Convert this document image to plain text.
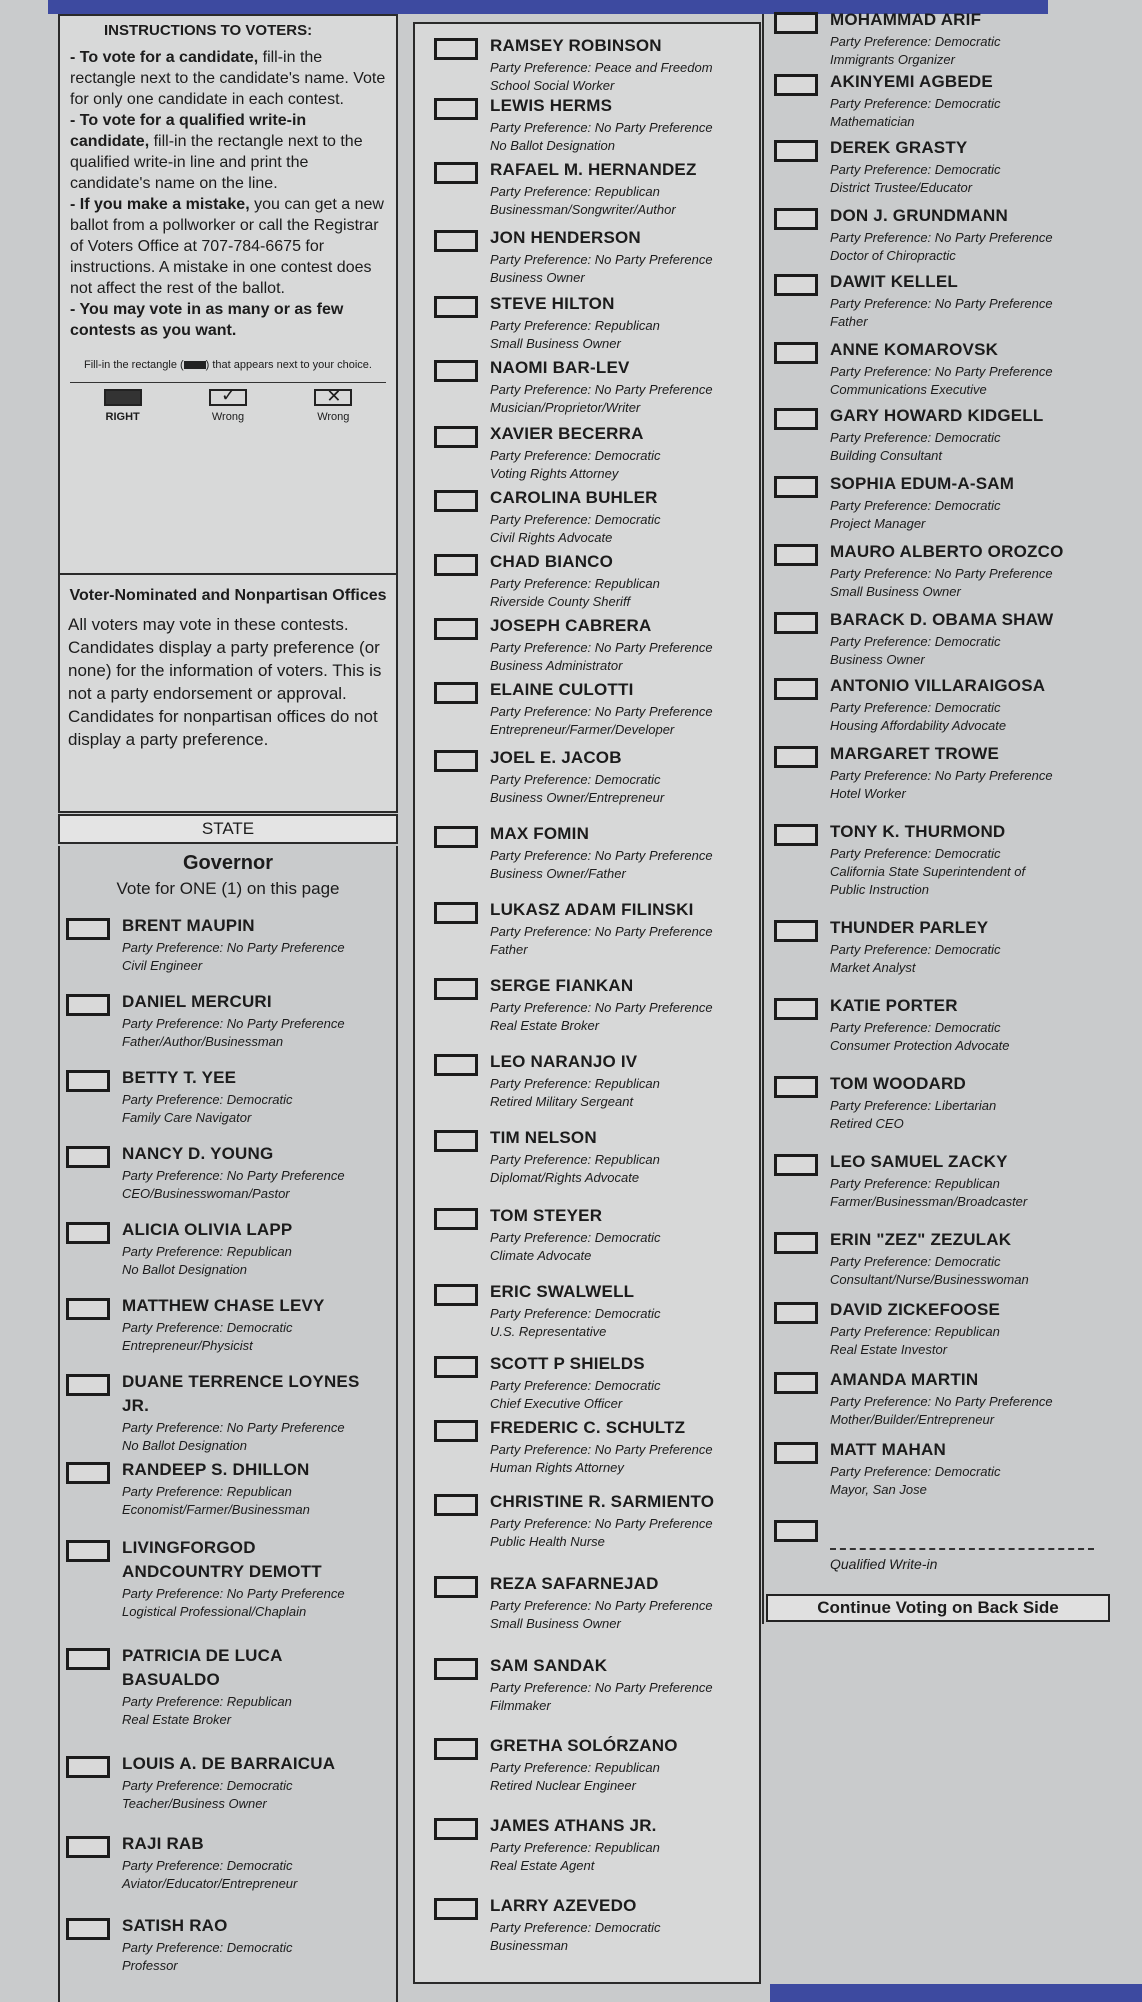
INSTRUCTIONS TO VOTERS:

- To vote for a candidate, fill-in the rectangle next to the candidate's name. Vote for only one candidate in each contest.

- To vote for a qualified write-in candidate, fill-in the rectangle next to the qualified write-in line and print the candidate's name on the line.

- If you make a mistake, you can get a new ballot from a pollworker or call the Registrar of Voters Office at 707-784-6675 for instructions. A mistake in one contest does not affect the rest of the ballot.

- You may vote in as many or as few contests as you want.

Fill-in the rectangle ( ) that appears next to your choice.
RIGHT
✓
Wrong
✕
Wrong
Voter-Nominated and Nonpartisan Offices

All voters may vote in these contests. Candidates display a party preference (or none) for the information of voters. This is not a party endorsement or approval. Candidates for nonpartisan offices do not display a party preference.

STATE
Governor
Vote for ONE (1) on this page
BRENT MAUPIN
Party Preference: No Party Preference
Civil Engineer
DANIEL MERCURI
Party Preference: No Party Preference
Father/Author/Businessman
BETTY T. YEE
Party Preference: Democratic
Family Care Navigator
NANCY D. YOUNG
Party Preference: No Party Preference
CEO/Businesswoman/Pastor
ALICIA OLIVIA LAPP
Party Preference: Republican
No Ballot Designation
MATTHEW CHASE LEVY
Party Preference: Democratic
Entrepreneur/Physicist
DUANE TERRENCE LOYNES
JR.
Party Preference: No Party Preference
No Ballot Designation
RANDEEP S. DHILLON
Party Preference: Republican
Economist/Farmer/Businessman
LIVINGFORGOD
ANDCOUNTRY DEMOTT
Party Preference: No Party Preference
Logistical Professional/Chaplain
PATRICIA DE LUCA
BASUALDO
Party Preference: Republican
Real Estate Broker
LOUIS A. DE BARRAICUA
Party Preference: Democratic
Teacher/Business Owner
RAJI RAB
Party Preference: Democratic
Aviator/Educator/Entrepreneur
SATISH RAO
Party Preference: Democratic
Professor
RAMSEY ROBINSON
Party Preference: Peace and Freedom
School Social Worker
LEWIS HERMS
Party Preference: No Party Preference
No Ballot Designation
RAFAEL M. HERNANDEZ
Party Preference: Republican
Businessman/Songwriter/Author
JON HENDERSON
Party Preference: No Party Preference
Business Owner
STEVE HILTON
Party Preference: Republican
Small Business Owner
NAOMI BAR-LEV
Party Preference: No Party Preference
Musician/Proprietor/Writer
XAVIER BECERRA
Party Preference: Democratic
Voting Rights Attorney
CAROLINA BUHLER
Party Preference: Democratic
Civil Rights Advocate
CHAD BIANCO
Party Preference: Republican
Riverside County Sheriff
JOSEPH CABRERA
Party Preference: No Party Preference
Business Administrator
ELAINE CULOTTI
Party Preference: No Party Preference
Entrepreneur/Farmer/Developer
JOEL E. JACOB
Party Preference: Democratic
Business Owner/Entrepreneur
MAX FOMIN
Party Preference: No Party Preference
Business Owner/Father
LUKASZ ADAM FILINSKI
Party Preference: No Party Preference
Father
SERGE FIANKAN
Party Preference: No Party Preference
Real Estate Broker
LEO NARANJO IV
Party Preference: Republican
Retired Military Sergeant
TIM NELSON
Party Preference: Republican
Diplomat/Rights Advocate
TOM STEYER
Party Preference: Democratic
Climate Advocate
ERIC SWALWELL
Party Preference: Democratic
U.S. Representative
SCOTT P SHIELDS
Party Preference: Democratic
Chief Executive Officer
FREDERIC C. SCHULTZ
Party Preference: No Party Preference
Human Rights Attorney
CHRISTINE R. SARMIENTO
Party Preference: No Party Preference
Public Health Nurse
REZA SAFARNEJAD
Party Preference: No Party Preference
Small Business Owner
SAM SANDAK
Party Preference: No Party Preference
Filmmaker
GRETHA SOLÓRZANO
Party Preference: Republican
Retired Nuclear Engineer
JAMES ATHANS JR.
Party Preference: Republican
Real Estate Agent
LARRY AZEVEDO
Party Preference: Democratic
Businessman
MOHAMMAD ARIF
Party Preference: Democratic
Immigrants Organizer
AKINYEMI AGBEDE
Party Preference: Democratic
Mathematician
DEREK GRASTY
Party Preference: Democratic
District Trustee/Educator
DON J. GRUNDMANN
Party Preference: No Party Preference
Doctor of Chiropractic
DAWIT KELLEL
Party Preference: No Party Preference
Father
ANNE KOMAROVSK
Party Preference: No Party Preference
Communications Executive
GARY HOWARD KIDGELL
Party Preference: Democratic
Building Consultant
SOPHIA EDUM-A-SAM
Party Preference: Democratic
Project Manager
MAURO ALBERTO OROZCO
Party Preference: No Party Preference
Small Business Owner
BARACK D. OBAMA SHAW
Party Preference: Democratic
Business Owner
ANTONIO VILLARAIGOSA
Party Preference: Democratic
Housing Affordability Advocate
MARGARET TROWE
Party Preference: No Party Preference
Hotel Worker
TONY K. THURMOND
Party Preference: Democratic
California State Superintendent of
Public Instruction
THUNDER PARLEY
Party Preference: Democratic
Market Analyst
KATIE PORTER
Party Preference: Democratic
Consumer Protection Advocate
TOM WOODARD
Party Preference: Libertarian
Retired CEO
LEO SAMUEL ZACKY
Party Preference: Republican
Farmer/Businessman/Broadcaster
ERIN "ZEZ" ZEZULAK
Party Preference: Democratic
Consultant/Nurse/Businesswoman
DAVID ZICKEFOOSE
Party Preference: Republican
Real Estate Investor
AMANDA MARTIN
Party Preference: No Party Preference
Mother/Builder/Entrepreneur
MATT MAHAN
Party Preference: Democratic
Mayor, San Jose
Qualified Write-in
Continue Voting on Back Side
